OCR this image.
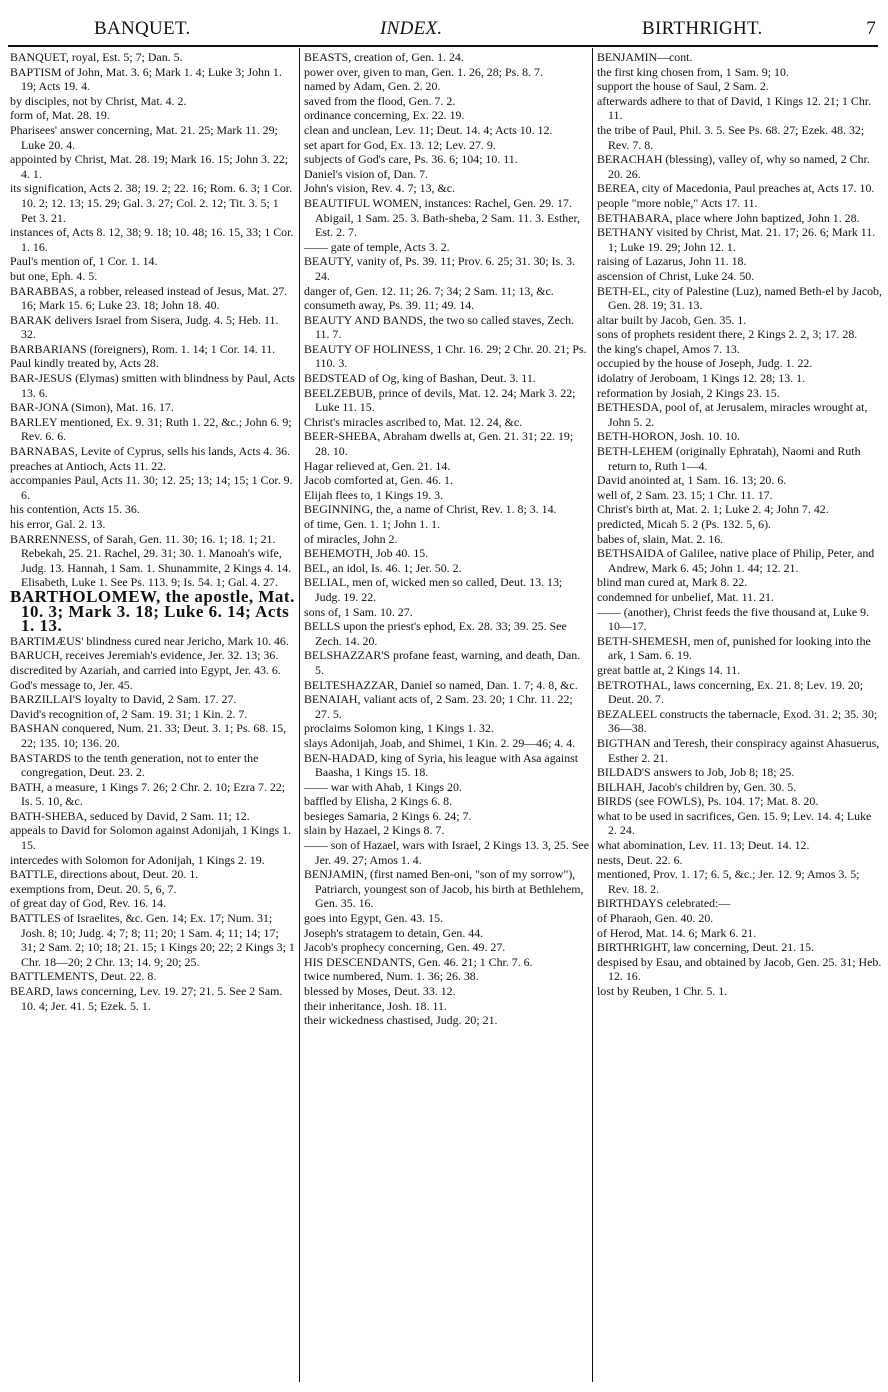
BANQUET.	INDEX.	BIRTHRIGHT.	7

BANQUET, royal, Est. 5; 7; Dan. 5.

BAPTISM of John, Mat. 3. 6; Mark 1. 4; Luke 3; John 1. 19; Acts 19. 4.

by disciples, not by Christ, Mat. 4. 2.

form of, Mat. 28. 19.

Pharisees' answer concerning, Mat. 21. 25; Mark 11. 29; Luke 20. 4.

appointed by Christ, Mat. 28. 19; Mark 16. 15; John 3. 22; 4. 1.

its signification, Acts 2. 38; 19. 2; 22. 16; Rom. 6. 3; 1 Cor. 10. 2; 12. 13; 15. 29; Gal. 3. 27; Col. 2. 12; Tit. 3. 5; 1 Pet 3. 21.

instances of, Acts 8. 12, 38; 9. 18; 10. 48; 16. 15, 33; 1 Cor. 1. 16.

Paul's mention of, 1 Cor. 1. 14.

but one, Eph. 4. 5.

BARABBAS, a robber, released instead of Jesus, Mat. 27. 16; Mark 15. 6; Luke 23. 18; John 18. 40.

BARAK delivers Israel from Sisera, Judg. 4. 5; Heb. 11. 32.

BARBARIANS (foreigners), Rom. 1. 14; 1 Cor. 14. 11.

Paul kindly treated by, Acts 28.

BAR-JESUS (Elymas) smitten with blindness by Paul, Acts 13. 6.

BAR-JONA (Simon), Mat. 16. 17.

BARLEY mentioned, Ex. 9. 31; Ruth 1. 22, &c.; John 6. 9; Rev. 6. 6.

BARNABAS, Levite of Cyprus, sells his lands, Acts 4. 36.

preaches at Antioch, Acts 11. 22.

accompanies Paul, Acts 11. 30; 12. 25; 13; 14; 15; 1 Cor. 9. 6.

his contention, Acts 15. 36.

his error, Gal. 2. 13.

BARRENNESS, of Sarah, Gen. 11. 30; 16. 1; 18. 1; 21. Rebekah, 25. 21. Rachel, 29. 31; 30. 1. Manoah's wife, Judg. 13. Hannah, 1 Sam. 1. Shunammite, 2 Kings 4. 14. Elisabeth, Luke 1. See Ps. 113. 9; Is. 54. 1; Gal. 4. 27.

BARTHOLOMEW, the apostle, Mat. 10. 3; Mark 3. 18; Luke 6. 14; Acts 1. 13.

BARTIMÆUS' blindness cured near Jericho, Mark 10. 46.

BARUCH, receives Jeremiah's evidence, Jer. 32. 13; 36.

discredited by Azariah, and carried into Egypt, Jer. 43. 6.

God's message to, Jer. 45.

BARZILLAI'S loyalty to David, 2 Sam. 17. 27.

David's recognition of, 2 Sam. 19. 31; 1 Kin. 2. 7.

BASHAN conquered, Num. 21. 33; Deut. 3. 1; Ps. 68. 15, 22; 135. 10; 136. 20.

BASTARDS to the tenth generation, not to enter the congregation, Deut. 23. 2.

BATH, a measure, 1 Kings 7. 26; 2 Chr. 2. 10; Ezra 7. 22; Is. 5. 10, &c.

BATH-SHEBA, seduced by David, 2 Sam. 11; 12.

appeals to David for Solomon against Adonijah, 1 Kings 1. 15.

intercedes with Solomon for Adonijah, 1 Kings 2. 19.

BATTLE, directions about, Deut. 20. 1.

exemptions from, Deut. 20. 5, 6, 7.

of great day of God, Rev. 16. 14.

BATTLES of Israelites, &c. Gen. 14; Ex. 17; Num. 31; Josh. 8; 10; Judg. 4; 7; 8; 11; 20; 1 Sam. 4; 11; 14; 17; 31; 2 Sam. 2; 10; 18; 21. 15; 1 Kings 20; 22; 2 Kings 3; 1 Chr. 18—20; 2 Chr. 13; 14. 9; 20; 25.

BATTLEMENTS, Deut. 22. 8.

BEARD, laws concerning, Lev. 19. 27; 21. 5. See 2 Sam. 10. 4; Jer. 41. 5; Ezek. 5. 1.

BEASTS, creation of, Gen. 1. 24.

power over, given to man, Gen. 1. 26, 28; Ps. 8. 7.

named by Adam, Gen. 2. 20.

saved from the flood, Gen. 7. 2.

ordinance concerning, Ex. 22. 19.

clean and unclean, Lev. 11; Deut. 14. 4; Acts 10. 12.

set apart for God, Ex. 13. 12; Lev. 27. 9.

subjects of God's care, Ps. 36. 6; 104; 10. 11.

Daniel's vision of, Dan. 7.

John's vision, Rev. 4. 7; 13, &c.

BEAUTIFUL WOMEN, instances: Rachel, Gen. 29. 17. Abigail, 1 Sam. 25. 3. Bath-sheba, 2 Sam. 11. 3. Esther, Est. 2. 7.

—— gate of temple, Acts 3. 2.

BEAUTY, vanity of, Ps. 39. 11; Prov. 6. 25; 31. 30; Is. 3. 24.

danger of, Gen. 12. 11; 26. 7; 34; 2 Sam. 11; 13, &c.

consumeth away, Ps. 39. 11; 49. 14.

BEAUTY AND BANDS, the two so called staves, Zech. 11. 7.

BEAUTY OF HOLINESS, 1 Chr. 16. 29; 2 Chr. 20. 21; Ps. 110. 3.

BEDSTEAD of Og, king of Bashan, Deut. 3. 11.

BEELZEBUB, prince of devils, Mat. 12. 24; Mark 3. 22; Luke 11. 15.

Christ's miracles ascribed to, Mat. 12. 24, &c.

BEER-SHEBA, Abraham dwells at, Gen. 21. 31; 22. 19; 28. 10.

Hagar relieved at, Gen. 21. 14.

Jacob comforted at, Gen. 46. 1.

Elijah flees to, 1 Kings 19. 3.

BEGINNING, the, a name of Christ, Rev. 1. 8; 3. 14.

of time, Gen. 1. 1; John 1. 1.

of miracles, John 2.

BEHEMOTH, Job 40. 15.

BEL, an idol, Is. 46. 1; Jer. 50. 2.

BELIAL, men of, wicked men so called, Deut. 13. 13; Judg. 19. 22.

sons of, 1 Sam. 10. 27.

BELLS upon the priest's ephod, Ex. 28. 33; 39. 25. See Zech. 14. 20.

BELSHAZZAR'S profane feast, warning, and death, Dan. 5.

BELTESHAZZAR, Daniel so named, Dan. 1. 7; 4. 8, &c.

BENAIAH, valiant acts of, 2 Sam. 23. 20; 1 Chr. 11. 22; 27. 5.

proclaims Solomon king, 1 Kings 1. 32.

slays Adonijah, Joab, and Shimei, 1 Kin. 2. 29—46; 4. 4.

BEN-HADAD, king of Syria, his league with Asa against Baasha, 1 Kings 15. 18.

—— war with Ahab, 1 Kings 20.

baffled by Elisha, 2 Kings 6. 8.

besieges Samaria, 2 Kings 6. 24; 7.

slain by Hazael, 2 Kings 8. 7.

—— son of Hazael, wars with Israel, 2 Kings 13. 3, 25. See Jer. 49. 27; Amos 1. 4.

BENJAMIN, (first named Ben-oni, "son of my sorrow"), Patriarch, youngest son of Jacob, his birth at Bethlehem, Gen. 35. 16.

goes into Egypt, Gen. 43. 15.

Joseph's stratagem to detain, Gen. 44.

Jacob's prophecy concerning, Gen. 49. 27.

HIS DESCENDANTS, Gen. 46. 21; 1 Chr. 7. 6.

twice numbered, Num. 1. 36; 26. 38.

blessed by Moses, Deut. 33. 12.

their inheritance, Josh. 18. 11.

their wickedness chastised, Judg. 20; 21.

BENJAMIN—cont.

the first king chosen from, 1 Sam. 9; 10.

support the house of Saul, 2 Sam. 2.

afterwards adhere to that of David, 1 Kings 12. 21; 1 Chr. 11.

the tribe of Paul, Phil. 3. 5. See Ps. 68. 27; Ezek. 48. 32; Rev. 7. 8.

BERACHAH (blessing), valley of, why so named, 2 Chr. 20. 26.

BEREA, city of Macedonia, Paul preaches at, Acts 17. 10.

people "more noble," Acts 17. 11.

BETHABARA, place where John baptized, John 1. 28.

BETHANY visited by Christ, Mat. 21. 17; 26. 6; Mark 11. 1; Luke 19. 29; John 12. 1.

raising of Lazarus, John 11. 18.

ascension of Christ, Luke 24. 50.

BETH-EL, city of Palestine (Luz), named Beth-el by Jacob, Gen. 28. 19; 31. 13.

altar built by Jacob, Gen. 35. 1.

sons of prophets resident there, 2 Kings 2. 2, 3; 17. 28.

the king's chapel, Amos 7. 13.

occupied by the house of Joseph, Judg. 1. 22.

idolatry of Jeroboam, 1 Kings 12. 28; 13. 1.

reformation by Josiah, 2 Kings 23. 15.

BETHESDA, pool of, at Jerusalem, miracles wrought at, John 5. 2.

BETH-HORON, Josh. 10. 10.

BETH-LEHEM (originally Ephratah), Naomi and Ruth return to, Ruth 1—4.

David anointed at, 1 Sam. 16. 13; 20. 6.

well of, 2 Sam. 23. 15; 1 Chr. 11. 17.

Christ's birth at, Mat. 2. 1; Luke 2. 4; John 7. 42.

predicted, Micah 5. 2 (Ps. 132. 5, 6).

babes of, slain, Mat. 2. 16.

BETHSAIDA of Galilee, native place of Philip, Peter, and Andrew, Mark 6. 45; John 1. 44; 12. 21.

blind man cured at, Mark 8. 22.

condemned for unbelief, Mat. 11. 21.

—— (another), Christ feeds the five thousand at, Luke 9. 10—17.

BETH-SHEMESH, men of, punished for looking into the ark, 1 Sam. 6. 19.

great battle at, 2 Kings 14. 11.

BETROTHAL, laws concerning, Ex. 21. 8; Lev. 19. 20; Deut. 20. 7.

BEZALEEL constructs the tabernacle, Exod. 31. 2; 35. 30; 36—38.

BIGTHAN and Teresh, their conspiracy against Ahasuerus, Esther 2. 21.

BILDAD'S answers to Job, Job 8; 18; 25.

BILHAH, Jacob's children by, Gen. 30. 5.

BIRDS (see FOWLS), Ps. 104. 17; Mat. 8. 20.

what to be used in sacrifices, Gen. 15. 9; Lev. 14. 4; Luke 2. 24.

what abomination, Lev. 11. 13; Deut. 14. 12.

nests, Deut. 22. 6.

mentioned, Prov. 1. 17; 6. 5, &c.; Jer. 12. 9; Amos 3. 5; Rev. 18. 2.

BIRTHDAYS celebrated:—

of Pharaoh, Gen. 40. 20.

of Herod, Mat. 14. 6; Mark 6. 21.

BIRTHRIGHT, law concerning, Deut. 21. 15.

despised by Esau, and obtained by Jacob, Gen. 25. 31; Heb. 12. 16.

lost by Reuben, 1 Chr. 5. 1.
